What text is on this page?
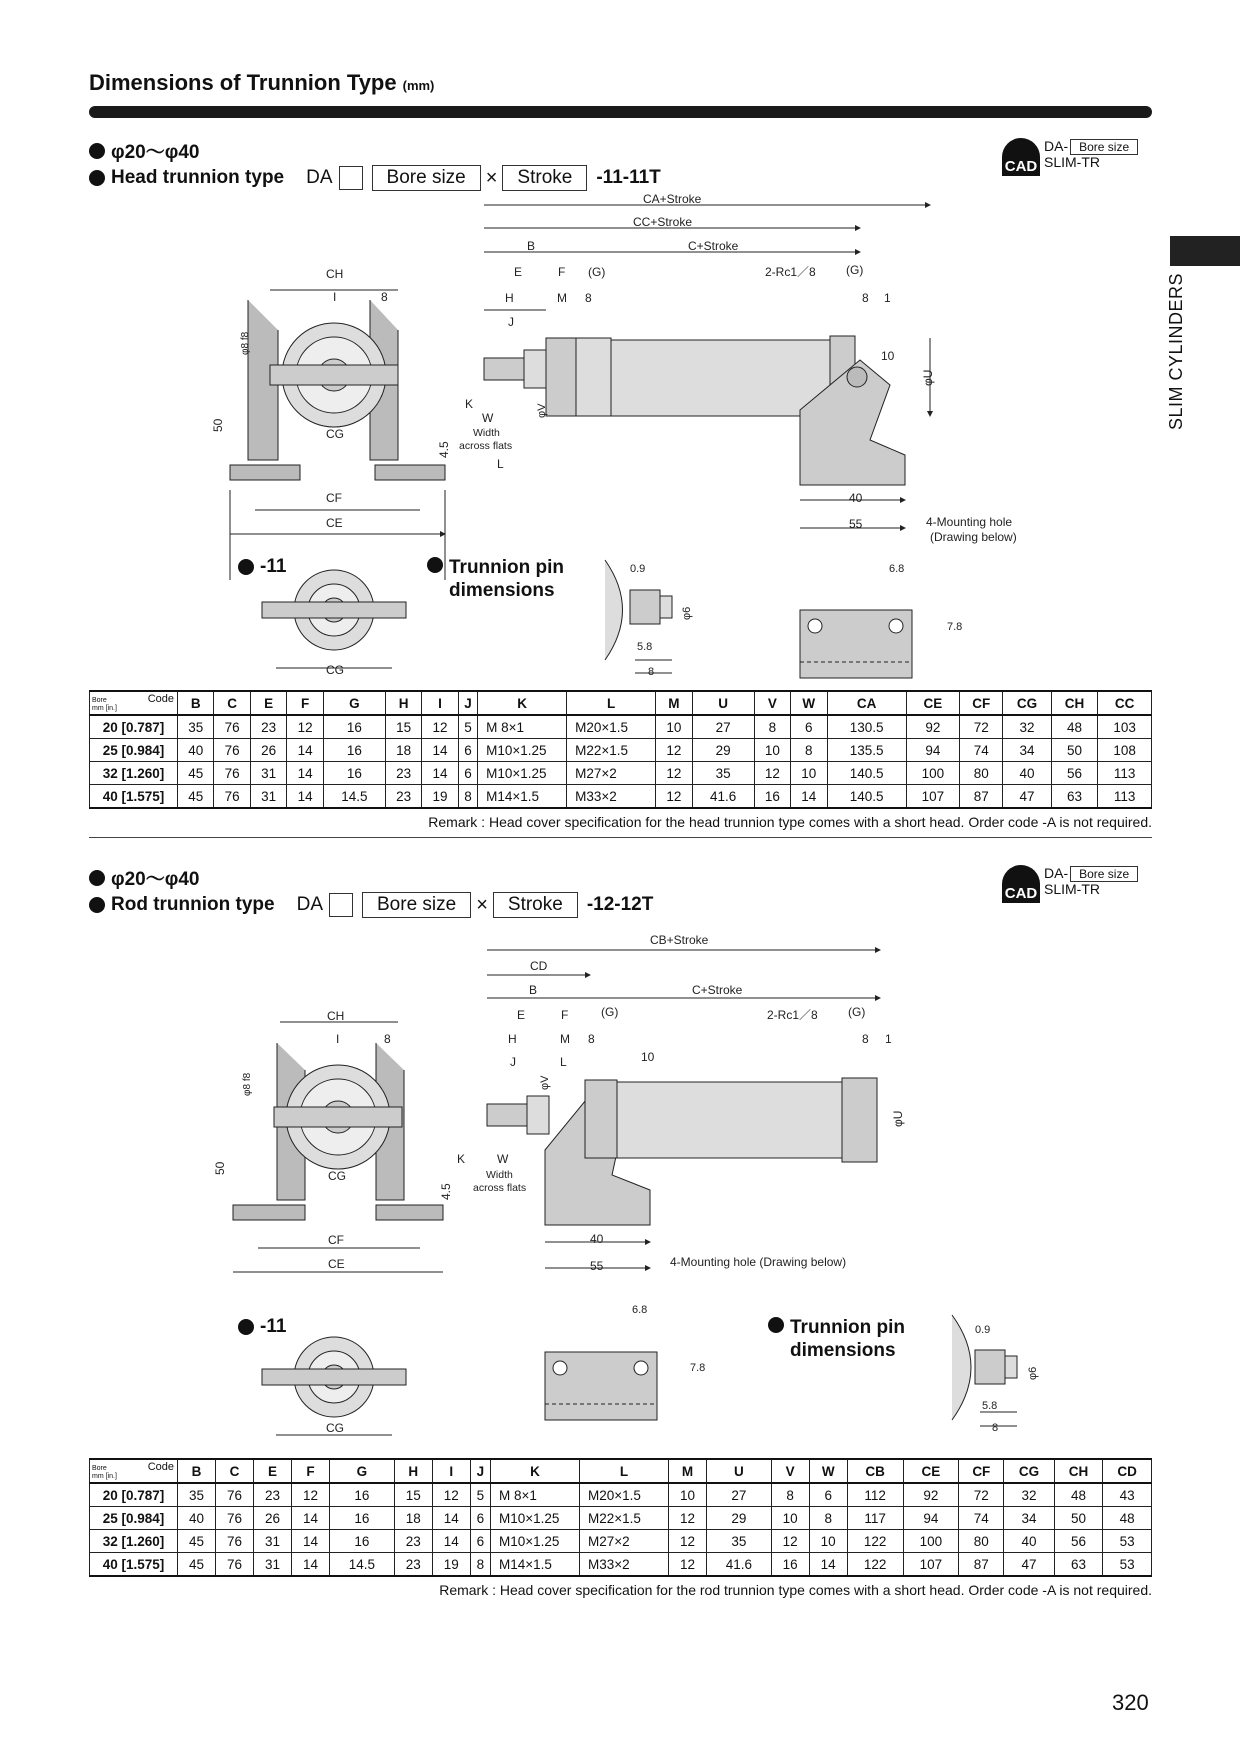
Dimensions of Trunnion Type (mm)
SLIM CYLINDERS
φ20～φ40
Head trunnion type DA	Bore size	×	Stroke	-11-11T
CAD
DA- Bore size
SLIM-TR
CA+Stroke
CC+Stroke
B	C+Stroke
E	F (G)	2-Rc1／8	(G)
H	M 8	8 1
J
10
K
W
Width
across flats
L
40
55	4-Mounting hole
(Drawing below)
CH
I	8
CG
CF
CE
50
4.5
φU
φ8 f8
φV
CG
0.9
φ6
5.8
8
6.8
7.8
CB+Stroke
CD
B	C+Stroke
E	F	(G)	2-Rc1／8	(G)
H	M 8	8 1
10
J	L
K	W
Width
across flats
40
55	4-Mounting hole (Drawing below)
CH
I	8
CG
CF
CE
50
4.5
φU
φ8 f8	φV
CG
6.8
7.8
0.9
φ6
5.8
8
-11	Trunnion pin
dimensions
Code
Bore
mm [in.]	B	C	E	F	G	H	I	J	K	L	M	U	V	W	CA	CE	CF	CG	CH	CC
20 [0.787]	35	76	23	12	16	15	12	5	M 8×1	M20×1.5	10	27	8	6	130.5	92	72	32	48	103
25 [0.984]	40	76	26	14	16	18	14	6	M10×1.25	M22×1.5	12	29	10	8	135.5	94	74	34	50	108
32 [1.260]	45	76	31	14	16	23	14	6	M10×1.25	M27×2	12	35	12	10	140.5	100	80	40	56	113
40 [1.575]	45	76	31	14	14.5	23	19	8	M14×1.5	M33×2	12	41.6	16	14	140.5	107	87	47	63	113
Remark : Head cover specification for the head trunnion type comes with a short head. Order code -A is not required.
φ20～φ40
Rod trunnion type DA	Bore size	×	Stroke	-12-12T
CAD
DA- Bore size
SLIM-TR
-11	Trunnion pin
dimensions
Code
Bore
mm [in.]	B	C	E	F	G	H	I	J	K	L	M	U	V	W	CB	CE	CF	CG	CH	CD
20 [0.787]	35	76	23	12	16	15	12	5	M 8×1	M20×1.5	10	27	8	6	112	92	72	32	48	43
25 [0.984]	40	76	26	14	16	18	14	6	M10×1.25	M22×1.5	12	29	10	8	117	94	74	34	50	48
32 [1.260]	45	76	31	14	16	23	14	6	M10×1.25	M27×2	12	35	12	10	122	100	80	40	56	53
40 [1.575]	45	76	31	14	14.5	23	19	8	M14×1.5	M33×2	12	41.6	16	14	122	107	87	47	63	53
Remark : Head cover specification for the rod trunnion type comes with a short head. Order code -A is not required.
320
